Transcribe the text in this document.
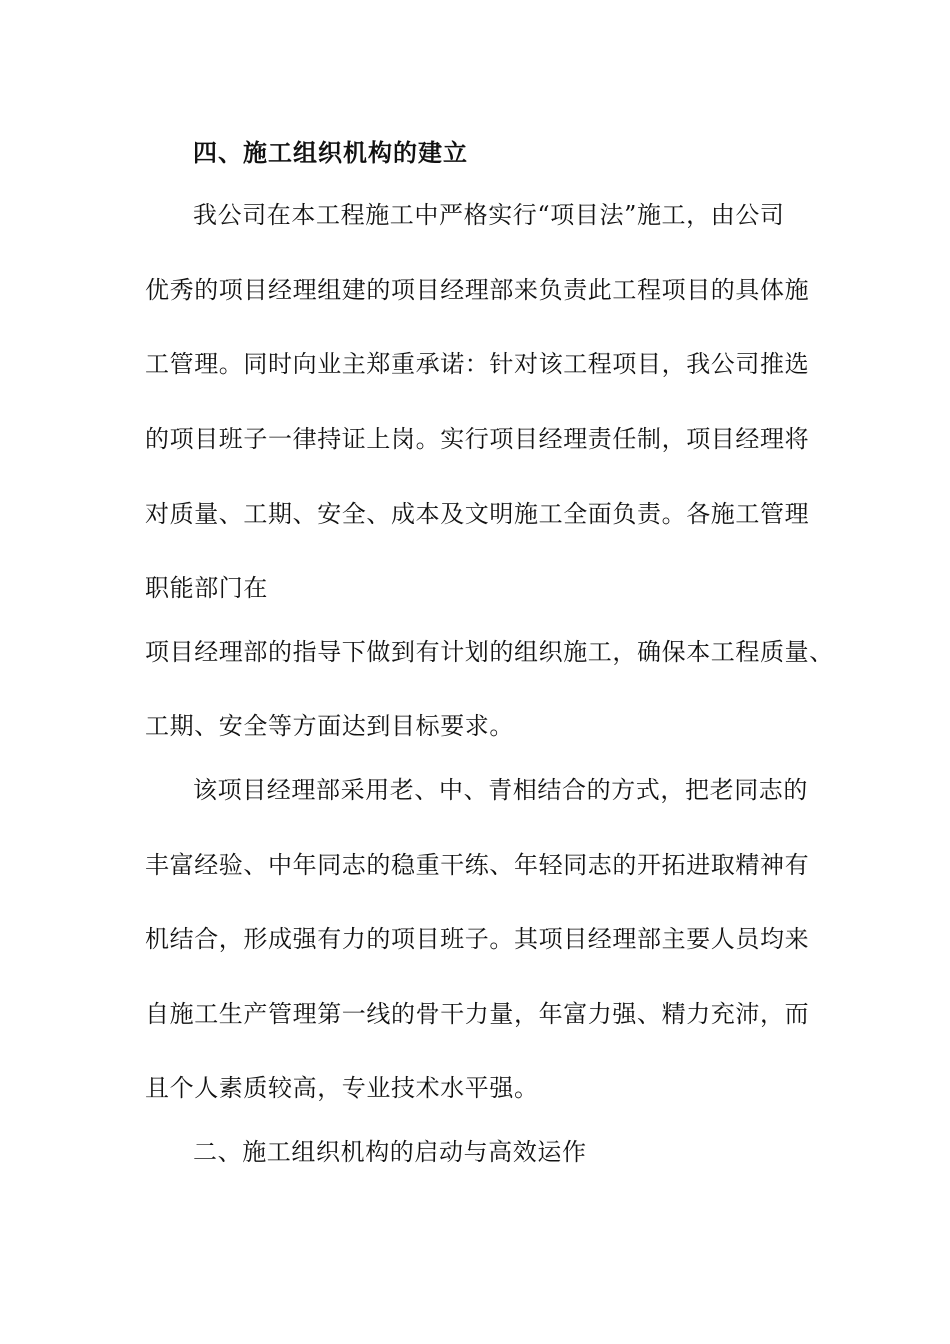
四、施工组织机构的建立
我公司在本工程施工中严格实行“项目法”施工，由公司
优秀的项目经理组建的项目经理部来负责此工程项目的具体施
工管理。同时向业主郑重承诺：针对该工程项目，我公司推选
的项目班子一律持证上岗。实行项目经理责任制，项目经理将
对质量、工期、安全、成本及文明施工全面负责。各施工管理
职能部门在
项目经理部的指导下做到有计划的组织施工，确保本工程质量、
工期、安全等方面达到目标要求。
该项目经理部采用老、中、青相结合的方式，把老同志的
丰富经验、中年同志的稳重干练、年轻同志的开拓进取精神有
机结合，形成强有力的项目班子。其项目经理部主要人员均来
自施工生产管理第一线的骨干力量，年富力强、精力充沛，而
且个人素质较高，专业技术水平强。
二、施工组织机构的启动与高效运作
